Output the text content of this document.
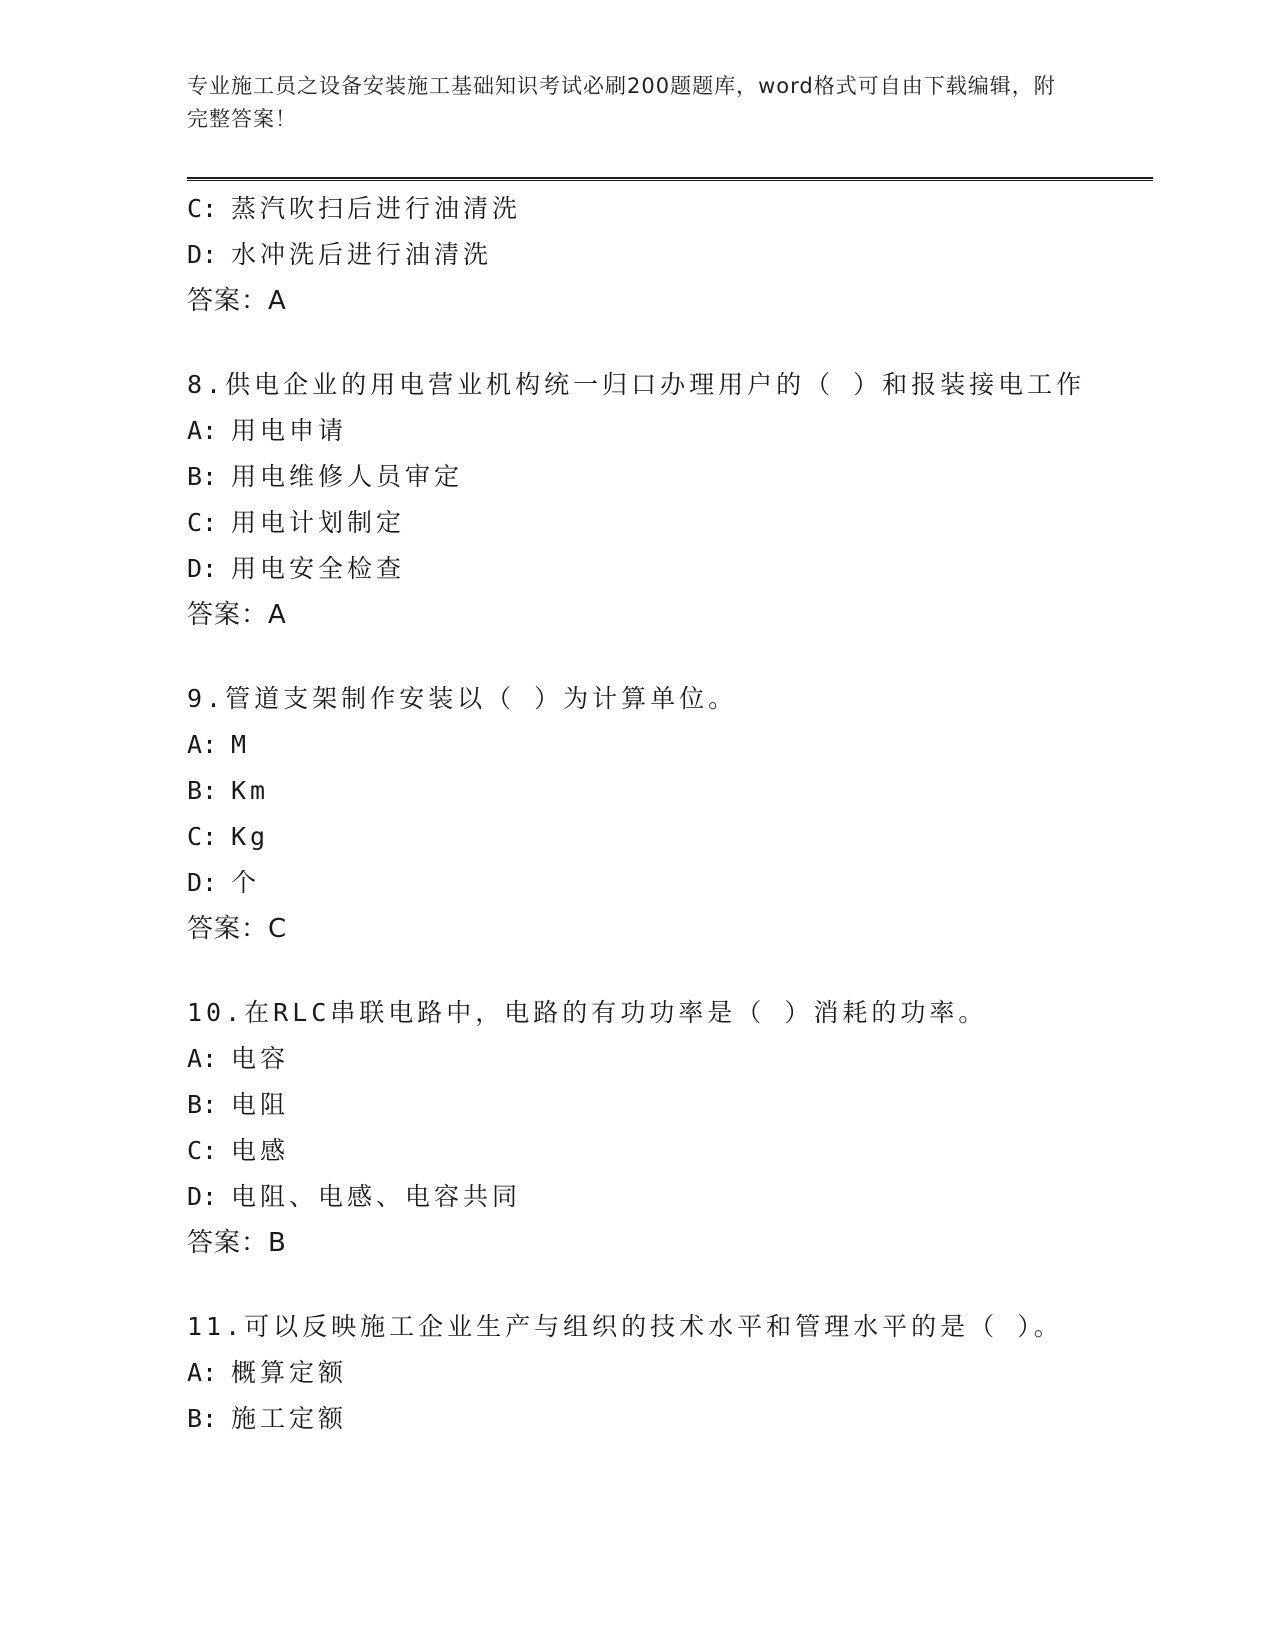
专业施工员之设备安装施工基础知识考试必刷200题题库，word格式可自由下载编辑，附完整答案！
C: 蒸汽吹扫后进行油清洗
D: 水冲洗后进行油清洗
答案：A
8.供电企业的用电营业机构统一归口办理用户的（ ）和报装接电工作
A: 用电申请
B: 用电维修人员审定
C: 用电计划制定
D: 用电安全检查
答案：A
9.管道支架制作安装以（ ）为计算单位。
A: M
B: Km
C: Kg
D: 个
答案：C
10.在RLC串联电路中，电路的有功功率是（ ）消耗的功率。
A: 电容
B: 电阻
C: 电感
D: 电阻、电感、电容共同
答案：B
11.可以反映施工企业生产与组织的技术水平和管理水平的是（ ）。
A: 概算定额
B: 施工定额
